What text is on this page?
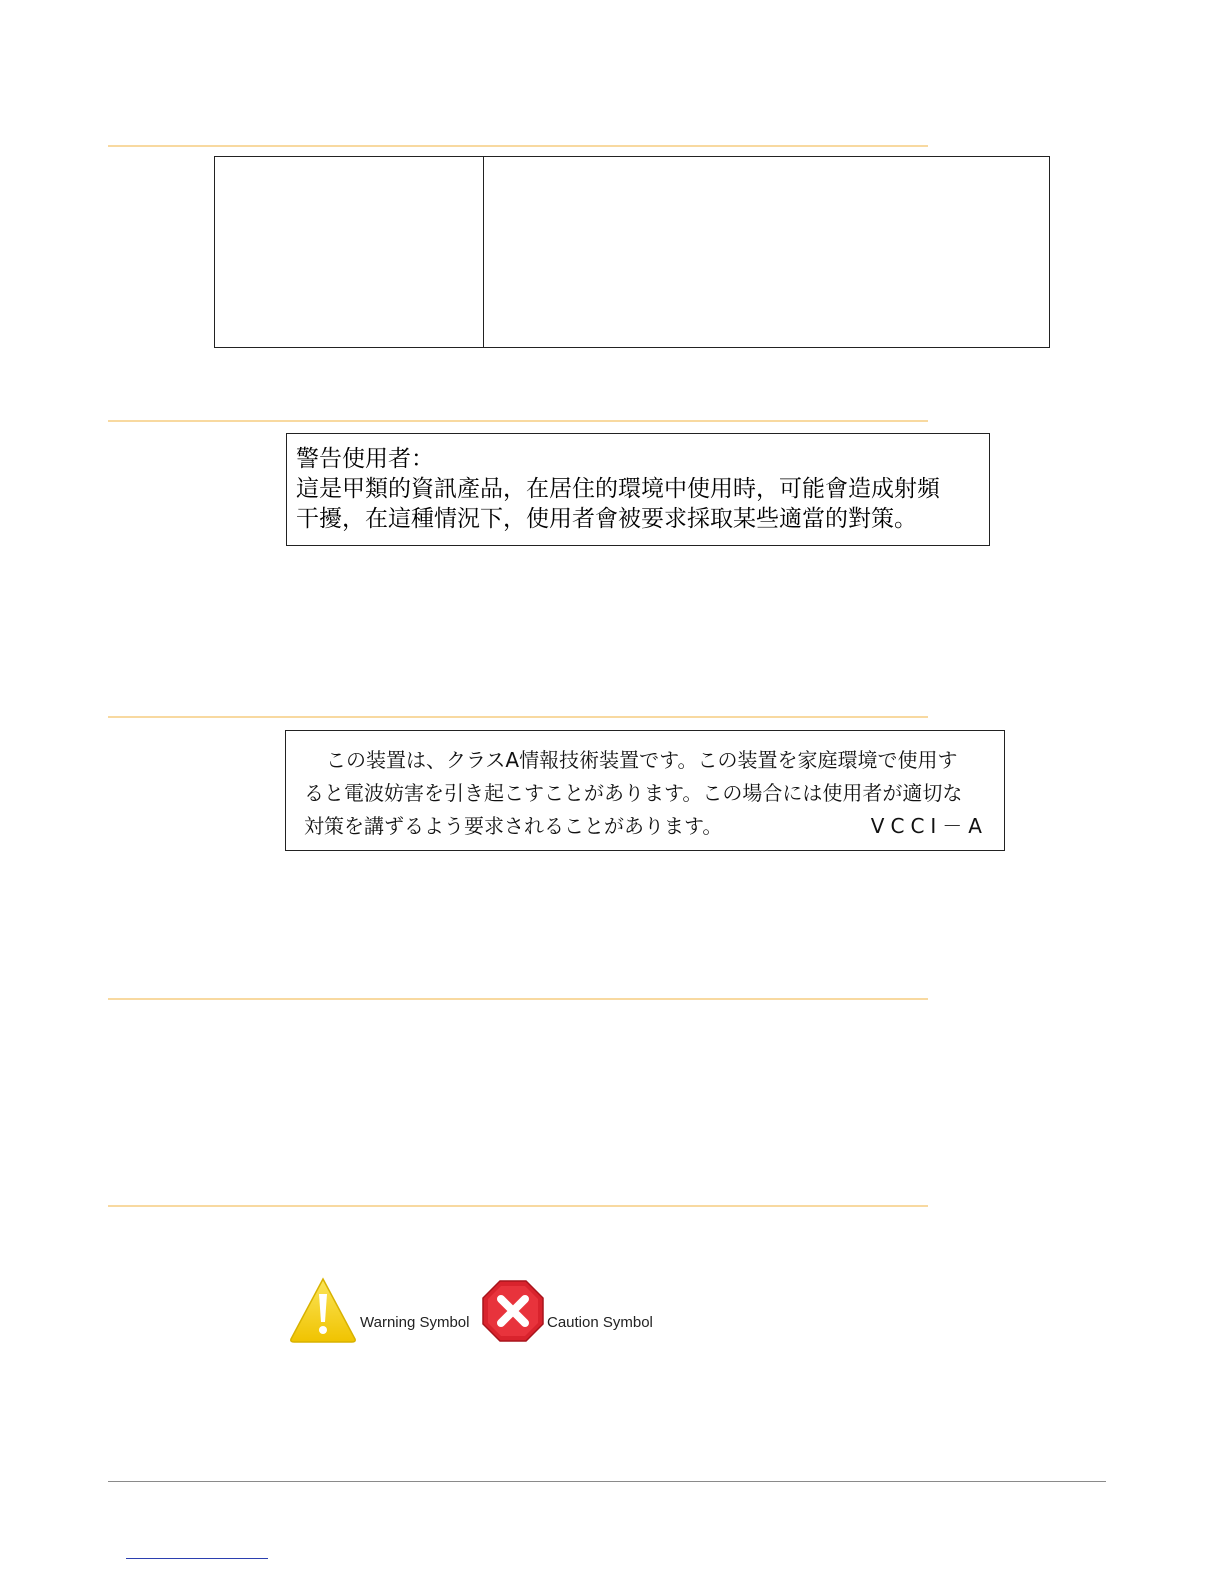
警告使用者：
這是甲類的資訊產品，在居住的環境中使用時，可能會造成射頻
干擾，在這種情況下，使用者會被要求採取某些適當的對策。
この装置は、クラスA情報技術装置です。この装置を家庭環境で使用す
ると電波妨害を引き起こすことがあります。この場合には使用者が適切な
対策を講ずるよう要求されることがあります。	VCCI－A
Warning Symbol	Caution Symbol
